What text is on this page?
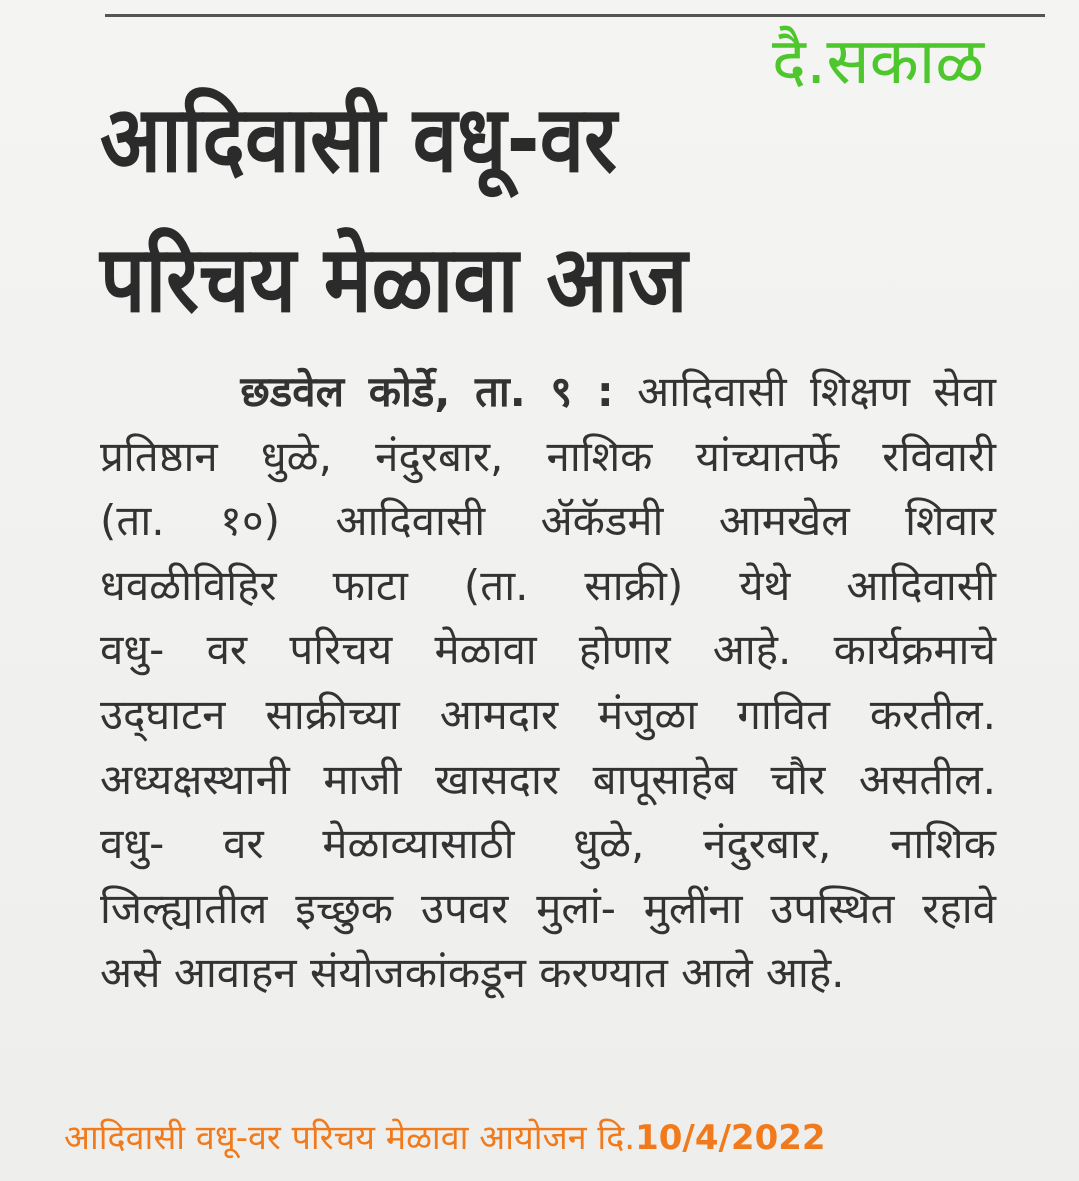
दै.सकाळ
आदिवासी वधू-वर
परिचय मेळावा आज
छडवेल कोर्डे, ता. ९ : आदिवासी शिक्षण सेवा
प्रतिष्ठान धुळे, नंदुरबार, नाशिक यांच्यातर्फे रविवारी
(ता. १०) आदिवासी ॲकॅडमी आमखेल शिवार
धवळीविहिर फाटा (ता. साक्री) येथे आदिवासी
वधु- वर परिचय मेळावा होणार आहे. कार्यक्रमाचे
उद्‌घाटन साक्रीच्या आमदार मंजुळा गावित करतील.
अध्यक्षस्थानी माजी खासदार बापूसाहेब चौर असतील.
वधु- वर मेळाव्यासाठी धुळे, नंदुरबार, नाशिक
जिल्ह्यातील इच्छुक उपवर मुलां- मुलींना उपस्थित रहावे
असे आवाहन संयोजकांकडून करण्यात आले आहे.
आदिवासी वधू-वर परिचय मेळावा आयोजन दि.10/4/2022
